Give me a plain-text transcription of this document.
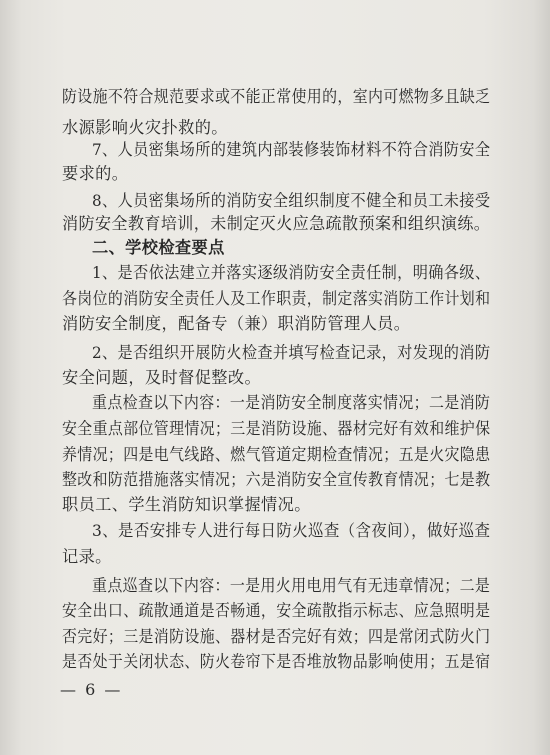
防设施不符合规范要求或不能正常使用的，室内可燃物多且缺乏
水源影响火灾扑救的。
7、人员密集场所的建筑内部装修装饰材料不符合消防安全
要求的。
8、人员密集场所的消防安全组织制度不健全和员工未接受
消防安全教育培训，未制定灭火应急疏散预案和组织演练。
二、学校检查要点
1、是否依法建立并落实逐级消防安全责任制，明确各级、
各岗位的消防安全责任人及工作职责，制定落实消防工作计划和
消防安全制度，配备专（兼）职消防管理人员。
2、是否组织开展防火检查并填写检查记录，对发现的消防
安全问题，及时督促整改。
重点检查以下内容：一是消防安全制度落实情况；二是消防
安全重点部位管理情况；三是消防设施、器材完好有效和维护保
养情况；四是电气线路、燃气管道定期检查情况；五是火灾隐患
整改和防范措施落实情况；六是消防安全宣传教育情况；七是教
职员工、学生消防知识掌握情况。
3、是否安排专人进行每日防火巡查（含夜间），做好巡查
记录。
重点巡查以下内容：一是用火用电用气有无违章情况；二是
安全出口、疏散通道是否畅通，安全疏散指示标志、应急照明是
否完好；三是消防设施、器材是否完好有效；四是常闭式防火门
是否处于关闭状态、防火卷帘下是否堆放物品影响使用；五是宿
— 6 —
